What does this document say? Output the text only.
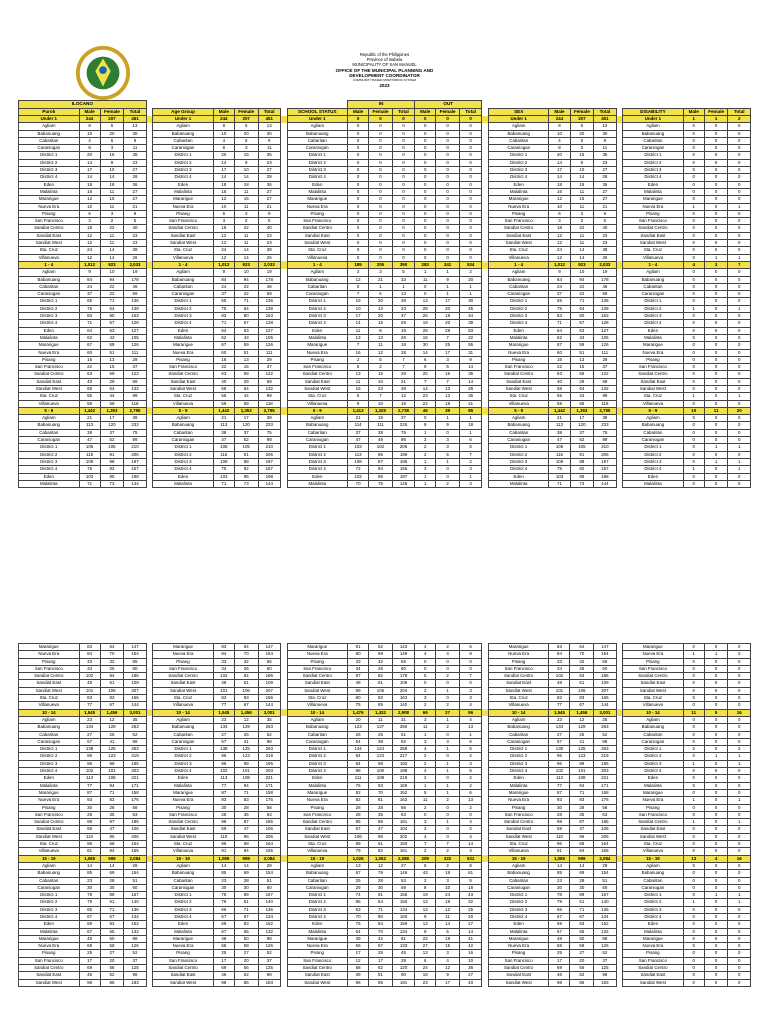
Republic of the Philippines
Province of Isabela
MUNICIPALITY OF SAN MANUEL
OFFICE OF THE MUNICIPAL PLANNING AND
DEVELOPMENT COORDINATOR
COMMUNITY BASED MONITORING SYSTEM
2023
ILOCANO											IN			OUT												
Purok	Male	Female	Total		Age Group	Male	Female	Total		SCHOOL STATUS	Male	Female	Total	Male	Female	Total		SEX	Male	Female	Total		DISABILITY	Male	Female	Total
Under 1	244	207	451		Under 1	244	207	451		Under 1	0	0	0	0	0	0		Under 1	244	207	451		Under 1	1	1	2
Agliam	8	5	13		Agliam	8	5	13		Agliam	0	0	0	0	0	0		Agliam	8	5	13		Agliam	0	0	0
Babanuang	10	20	30		Babanuang	10	20	30		Babanuang	0	0	0	0	0	0		Babanuang	10	20	30		Babanuang	0	0	0
Cabaritan	4	5	9		Cabaritan	4	5	9		Cabaritan	0	0	0	0	0	0		Cabaritan	4	5	9		Cabaritan	0	0	0
Caraniogan	8	3	11		Caraniogan	8	3	11		Caraniogan	0	0	0	0	0	0		Caraniogan	8	3	11		Caraniogan	0	0	0
District 1	20	15	35		District 1	20	15	35		District 1	0	0	0	0	0	0		District 1	20	15	35		District 1	0	0	0
District 2	14	9	23		District 2	14	9	23		District 2	0	0	0	0	0	0		District 2	14	9	23		District 2	0	0	0
District 3	17	10	27		District 3	17	10	27		District 3	0	0	0	0	0	0		District 3	17	10	27		District 3	0	0	0
District 4	14	14	28		District 4	14	14	28		District 4	0	0	0	0	0	0		District 4	14	14	28		District 4	0	0	0
Eden	18	18	36		Eden	18	18	36		Eden	0	0	0	0	0	0		Eden	18	18	36		Eden	0	0	0
Malalinta	16	11	27		Malalinta	16	11	27		Malalinta	0	0	0	0	0	0		Malalinta	16	11	27		Malalinta	0	0	0
Mararigue	12	15	27		Mararigue	12	15	27		Mararigue	0	0	0	0	0	0		Mararigue	12	15	27		Mararigue	0	0	0
Nueva Era	10	11	21		Nueva Era	10	11	21		Nueva Era	0	0	0	0	0	0		Nueva Era	10	11	21		Nueva Era	1	0	1
Pisang	6	3	9		Pisang	6	3	9		Pisang	0	0	0	0	0	0		Pisang	6	3	9		Pisang	0	0	0
San Francisco	3	2	5		San Francisco	3	2	5		San Francisco	0	0	0	0	0	0		San Francisco	3	2	5		San Francisco	0	0	0
Sandiat Centro	18	22	40		Sandiat Centro	18	22	40		Sandiat Centro	0	0	0	0	0	0		Sandiat Centro	18	22	40		Sandiat Centro	0	0	0
Sandiat East	12	11	23		Sandiat East	12	11	23		Sandiat East	0	0	0	0	0	0		Sandiat East	12	11	23		Sandiat East	0	0	0
Sandiat West	12	11	23		Sandiat West	12	11	23		Sandiat West	0	0	0	0	0	0		Sandiat West	12	11	23		Sandiat West	0	0	0
Sta. Cruz	24	14	38		Sta. Cruz	24	14	38		Sta. Cruz	0	0	0	0	0	0		Sta. Cruz	24	14	38		Sta. Cruz	0	0	0
Villanueva	12	14	26		Villanueva	12	14	26		Villanueva	0	0	0	0	0	0		Villanueva	12	14	26		Villanueva	0	1	1
1 - 4	1,012	923	2,033		1 - 4	1,012	923	2,033		1 - 4	185	205	390	283	341	534		1 - 4	1,012	923	2,033		1 - 4	4	3	7
Agliam	9	10	19		Agliam	9	10	19		Agliam	2	3	5	1	1	2		Agliam	9	10	19		Agliam	0	0	0
Babanuang	84	94	178		Babanuang	84	94	178		Babanuang	12	21	33	11	9	20		Babanuang	84	94	178		Babanuang	0	0	0
Cabaritan	24	22	46		Cabaritan	24	22	46		Cabaritan	0	1	1	0	1	1		Cabaritan	24	22	46		Cabaritan	0	0	0
Caraniogan	37	22	59		Caraniogan	37	22	59		Caraniogan	7	6	13	0	1	1		Caraniogan	37	22	59		Caraniogan	0	0	0
District 1	65	71	136		District 1	65	71	136		District 1	19	20	39	13	17	30		District 1	65	71	136		District 1	0	0	0
District 2	75	64	139		District 2	75	64	139		District 2	10	13	23	25	20	45		District 2	75	64	139		District 2	1	0	1
District 3	83	80	163		District 3	83	80	163		District 3	17	20	37	26	18	44		District 3	83	80	163		District 3	0	0	0
District 4	71	57	128		District 4	71	57	128		District 4	14	15	29	19	20	39		District 4	71	57	128		District 4	0	0	0
Eden	64	63	127		Eden	64	63	127		Eden	11	8	19	25	28	53		Eden	64	63	127		Eden	0	0	0
Malalinta	62	43	105		Malalinta	62	43	105		Malalinta	13	13	26	15	7	22		Malalinta	62	43	105		Malalinta	0	0	0
Mararigue	67	59	126		Mararigue	67	59	126		Mararigue	7	11	18	30	25	55		Mararigue	67	59	126		Mararigue	0	0	0
Nueva Era	60	51	111		Nueva Era	60	51	111		Nueva Era	16	12	28	14	17	31		Nueva Era	60	51	111		Nueva Era	0	0	0
Pisang	16	13	29		Pisang	16	13	29		Pisang	2	5	7	6	3	9		Pisang	16	13	29		Pisang	0	0	0
San Francisco	22	15	37		San Francisco	22	15	37		San Francisco	5	2	7	9	5	14		San Francisco	22	15	37		San Francisco	0	0	0
Sandiat Centro	63	59	122		Sandiat Centro	63	59	122		Sandiat Centro	13	15	28	20	16	36		Sandiat Centro	63	59	122		Sandiat Centro	0	0	0
Sandiat East	40	29	69		Sandiat East	40	29	69		Sandiat East	11	10	21	7	7	14		Sandiat East	40	29	69		Sandiat East	0	0	0
Sandiat West	68	64	132		Sandiat West	68	64	132		Sandiat West	16	23	39	14	13	28		Sandiat West	68	64	132		Sandiat West	0	0	0
Sta. Cruz	55	44	99		Sta. Cruz	55	44	99		Sta. Cruz	5	7	12	23	13	36		Sta. Cruz	55	44	99		Sta. Cruz	1	0	1
Villanueva	59	59	118		Villanueva	59	59	118		Villanueva	9	10	19	22	19	41		Villanueva	59	59	118		Villanueva	0	0	0
5 - 9	1,442	1,353	2,795		5 - 9	1,442	1,353	2,795		5 - 9	1,413	1,325	2,738	46	39	85		5 - 9	1,442	1,353	2,795		5 - 9	10	11	20
Agliam	21	17	38		Agliam	21	17	38		Agliam	21	16	37	0	1	1		Agliam	21	17	38		Agliam	0	0	0
Babanuang	113	120	233		Babanuang	113	120	233		Babanuang	114	111	225	9	9	18		Babanuang	113	120	233		Babanuang	0	0	0
Cabaritan	38	37	75		Cabaritan	38	37	75		Cabaritan	37	38	75	1	0	1		Cabaritan	38	37	75		Cabaritan	0	0	0
Caraniogan	47	52	99		Caraniogan	47	52	99		Caraniogan	47	49	96	3	3	6		Caraniogan	47	52	99		Caraniogan	0	0	0
District 1	105	105	210		District 1	105	105	210		District 1	103	102	205	2	3	5		District 1	105	105	210		District 1	0	1	1
District 2	115	91	206		District 2	115	91	206		District 2	113	86	199	2	5	7		District 2	115	91	206		District 2	0	0	0
District 3	109	88	197		District 3	109	88	197		District 3	108	87	195	1	1	2		District 3	109	88	197		District 3	0	1	1
District 4	75	82	157		District 4	75	82	157		District 4	72	84	156	3	0	3		District 4	75	82	157		District 4	1	0	1
Eden	103	95	198		Eden	103	95	198		Eden	102	95	197	1	0	1		Eden	103	95	198		Eden	0	0	0
Malalinta	71	73	144		Malalinta	71	73	144		Malalinta	70	75	145	1	2	3		Malalinta	71	73	144		Malalinta	0	0	0
Mararigue	83	64	147		Mararigue	83	64	147		Mararigue	81	62	143	4	2	6		Mararigue	83	64	147		Mararigue	0	0	0
Nueva Era	84	70	154		Nueva Era	84	70	154		Nueva Era	80	69	149	4	4	8		Nueva Era	84	70	154		Nueva Era	1	1	2
Pisang	33	32	65		Pisang	33	32	65		Pisang	33	32	65	0	0	0		Pisang	33	32	65		Pisang	0	0	0
San Francisco	34	26	60		San Francisco	34	26	60		San Francisco	34	26	60	0	0	0		San Francisco	34	26	60		San Francisco	0	0	0
Sandiat Centro	102	84	186		Sandiat Centro	102	84	186		Sandiat Centro	97	82	179	5	2	7		Sandiat Centro	102	84	186		Sandiat Centro	0	0	0
Sandiat East	48	61	109		Sandiat East	48	61	109		Sandiat East	48	61	109	0	0	0		Sandiat East	48	61	109		Sandiat East	0	0	0
Sandiat West	101	106	207		Sandiat West	101	106	207		Sandiat West	99	105	204	2	1	3		Sandiat West	101	106	207		Sandiat West	0	0	0
Sta. Cruz	83	83	166		Sta. Cruz	83	83	166		Sta. Cruz	80	83	163	3	0	3		Sta. Cruz	83	83	166		Sta. Cruz	0	0	0
Villanueva	77	67	144		Villanueva	77	67	144		Villanueva	75	65	140	2	2	4		Villanueva	77	67	144		Villanueva	0	0	0
10 - 14	1,545	1,456	3,001		10 - 14	1,545	1,456	3,001		10 - 14	1,476	1,432	2,908	69	27	96		10 - 14	1,545	1,456	3,001		10 - 14	11	5	16
Agliam	23	12	35		Agliam	23	12	35		Agliam	20	11	31	3	1	4		Agliam	23	12	35		Agliam	0	0	0
Babanuang	134	129	263		Babanuang	134	129	263		Babanuang	123	127	250	11	2	13		Babanuang	134	129	263		Babanuang	0	0	0
Cabaritan	27	25	52		Cabaritan	27	25	52		Cabaritan	26	25	51	1	0	1		Cabaritan	27	25	52		Cabaritan	0	0	0
Caraniogan	57	41	98		Caraniogan	57	41	98		Caraniogan	54	38	92	3	3	6		Caraniogan	57	41	98		Caraniogan	0	0	0
District 1	138	125	263		District 1	138	125	263		District 1	134	124	258	4	1	5		District 1	138	125	263		District 1	2	0	2
District 2	96	123	219		District 2	96	123	219		District 2	94	123	217	2	0	2		District 2	96	123	219		District 2	0	1	1
District 3	96	99	195		District 3	96	99	195		District 3	94	98	192	2	1	3		District 3	96	99	195		District 3	1	0	1
District 4	102	101	203		District 4	102	101	203		District 4	98	100	198	4	1	5		District 4	102	101	203		District 4	0	0	0
Eden	113	108	221		Eden	113	108	221		Eden	111	108	219	2	0	2		Eden	113	108	221		Eden	0	0	0
Malalinta	77	94	171		Malalinta	77	94	171		Malalinta	76	93	169	1	1	2		Malalinta	77	94	171		Malalinta	0	0	0
Mararigue	87	71	158		Mararigue	87	71	158		Mararigue	82	70	152	5	1	6		Mararigue	87	71	158		Mararigue	0	0	0
Nueva Era	93	83	176		Nueva Era	93	83	176		Nueva Era	82	81	163	11	2	13		Nueva Era	93	83	176		Nueva Era	1	0	1
Pisang	30	28	58		Pisang	30	28	58		Pisang	28	28	56	2	0	2		Pisang	30	28	58		Pisang	0	0	0
San Francisco	28	35	63		San Francisco	28	35	63		San Francisco	28	35	63	0	0	0		San Francisco	28	35	63		San Francisco	0	0	0
Sandiat Centro	98	87	185		Sandiat Centro	98	87	185		Sandiat Centro	95	86	181	3	1	4		Sandiat Centro	98	87	185		Sandiat Centro	1	0	1
Sandiat East	59	47	106		Sandiat East	59	47	106		Sandiat East	57	47	104	2	0	2		Sandiat East	59	47	106		Sandiat East	0	0	0
Sandiat West	110	96	206		Sandiat West	110	96	206		Sandiat West	106	96	202	4	0	4		Sandiat West	110	96	206		Sandiat West	0	0	0
Sta. Cruz	96	68	164		Sta. Cruz	96	68	164		Sta. Cruz	89	61	150	7	7	14		Sta. Cruz	96	68	164		Sta. Cruz	0	0	0
Villanueva	81	84	165		Villanueva	81	84	165		Villanueva	79	82	161	2	2	4		Villanueva	81	84	165		Villanueva	0	0	0
15 - 19	1,085	999	2,084		15 - 19	1,085	999	2,084		15 - 19	1,026	1,062	2,088	209	322	531		15 - 19	1,085	999	2,084		15 - 19	13	4	16
Agliam	14	14	28		Agliam	14	14	28		Agliam	13	12	27	6	2	8		Agliam	14	14	28		Agliam	0	0	0
Babanuang	85	69	154		Babanuang	85	69	154		Babanuang	67	79	146	43	18	61		Babanuang	85	69	154		Babanuang	0	0	0
Cabaritan	23	28	51		Cabaritan	23	28	51		Cabaritan	25	28	53	2	3	5		Cabaritan	23	28	51		Cabaritan	0	0	0
Caraniogan	30	30	60		Caraniogan	30	30	60		Caraniogan	29	30	59	8	10	18		Caraniogan	30	30	60		Caraniogan	0	0	0
District 1	78	89	167		District 1	78	89	167		District 1	74	81	155	19	24	43		District 1	78	89	167		District 1	0	1	1
District 2	79	61	140		District 2	79	61	140		District 2	86	64	150	13	19	32		District 2	79	61	140		District 2	1	0	1
District 3	65	71	136		District 3	65	71	136		District 3	63	71	134	13	12	25		District 3	65	71	136		District 3	0	0	0
District 4	67	67	134		District 4	67	67	134		District 4	70	80	150	9	11	20		District 4	67	67	134		District 4	0	0	0
Eden	69	83	152		Eden	69	83	152		Eden	75	84	159	13	14	27		Eden	69	83	152		Eden	0	0	0
Malalinta	67	65	132		Malalinta	67	65	132		Malalinta	64	70	134	9	5	14		Malalinta	67	65	132		Malalinta	0	0	0
Mararigue	48	50	98		Mararigue	48	50	98		Mararigue	39	42	81	22	19	41		Mararigue	48	50	98		Mararigue	0	0	0
Nueva Era	68	58	126		Nueva Era	68	58	126		Nueva Era	66	67	133	27	15	42		Nueva Era	68	58	126		Nueva Era	0	0	0
Pisang	25	27	52		Pisang	25	27	52		Pisang	17	28	45	13	3	16		Pisang	25	27	52		Pisang	0	0	0
San Francisco	17	20	37		San Francisco	17	20	37		San Francisco	12	17	29	6	4	10		San Francisco	17	20	37		San Francisco	0	0	0
Sandiat Centro	69	56	125		Sandiat Centro	69	56	125		Sandiat Centro	58	62	120	24	12	36		Sandiat Centro	69	56	125		Sandiat Centro	0	0	0
Sandiat East	46	52	98		Sandiat East	46	52	98		Sandiat East	39	51	90	18	9	27		Sandiat East	46	52	98		Sandiat East	0	0	0
Sandiat West	98	85	183		Sandiat West	98	85	183		Sandiat West	96	95	191	23	17	40		Sandiat West	98	85	183		Sandiat West	0	0	0
